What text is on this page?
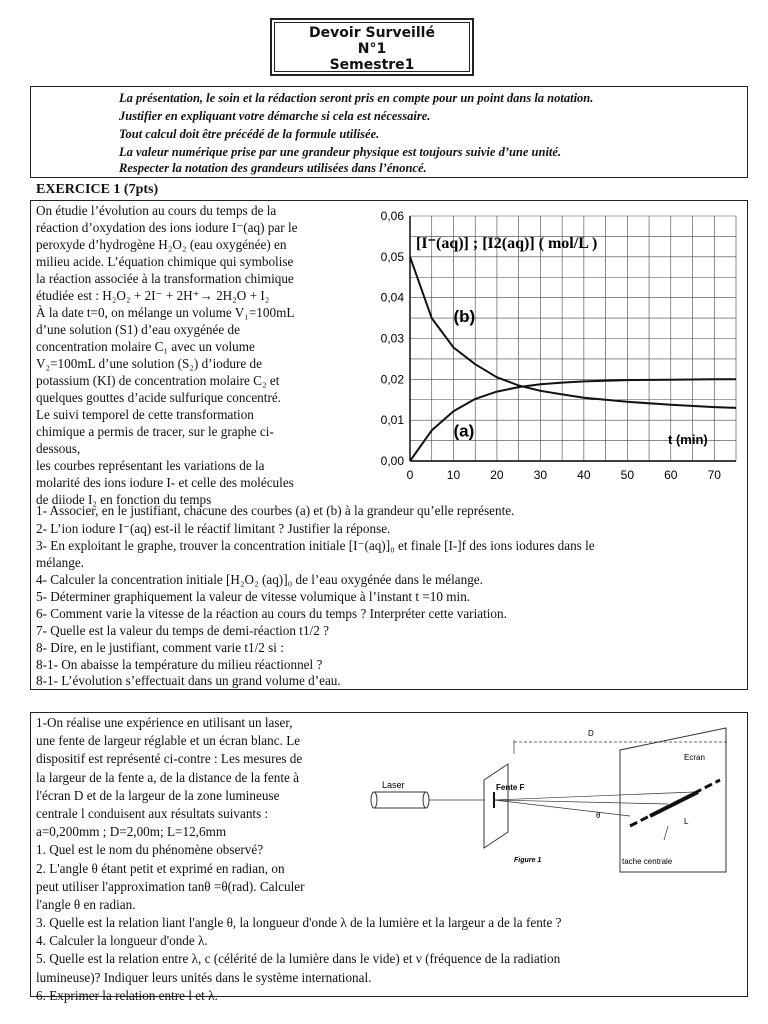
Devoir Surveillé
N°1
Semestre1
La présentation, le soin et la rédaction seront pris en compte pour un point dans la notation.
Justifier en expliquant votre démarche si cela est nécessaire.
Tout calcul doit être précédé de la formule utilisée.
La valeur numérique prise par une grandeur physique est toujours suivie d’une unité.
Respecter la notation des grandeurs utilisées dans l’énoncé.
EXERCICE 1 (7pts)
On étudie l’évolution au cours du temps de la
réaction d’oxydation des ions iodure I⁻(aq) par le
peroxyde d’hydrogène H₂O₂ (eau oxygénée) en
milieu acide. L’équation chimique qui symbolise
la réaction associée à la transformation chimique
étudiée est : H₂O₂ + 2I⁻ + 2H⁺→ 2H₂O + I₂
À la date t=0, on mélange un volume V₁=100mL
d’une solution (S1) d’eau oxygénée de
concentration molaire C₁ avec un volume
V₂=100mL d’une solution (S₂) d’iodure de
potassium (KI) de concentration molaire C₂ et
quelques gouttes d’acide sulfurique concentré.
Le suivi temporel de cette transformation
chimique a permis de tracer, sur le graphe ci-
dessous,
les courbes représentant les variations de la
molarité des ions iodure I- et celle des molécules
de diiode I₂ en fonction du temps
0	10	20	30	40	50	60	70
0,00
0,01
0,02
0,03
0,04
0,05
0,06
(a)
(b)
[I⁻(aq)] ; [I2(aq)] ( mol/L )
t (min)
1- Associer, en le justifiant, chacune des courbes (a) et (b) à la grandeur qu’elle représente.
2- L’ion iodure I⁻(aq) est-il le réactif limitant ? Justifier la réponse.
3- En exploitant le graphe, trouver la concentration initiale [I⁻(aq)]₀ et finale [I-]f des ions iodures dans le
mélange.
4- Calculer la concentration initiale [H₂O₂ (aq)]₀ de l’eau oxygénée dans le mélange.
5- Déterminer graphiquement la valeur de vitesse volumique à l’instant t =10 min.
6- Comment varie la vitesse de la réaction au cours du temps ? Interpréter cette variation.
7- Quelle est la valeur du temps de demi-réaction t1/2 ?
8- Dire, en le justifiant, comment varie t1/2 si :
8-1- On abaisse la température du milieu réactionnel ?
8-1- L’évolution s’effectuait dans un grand volume d’eau.
1-On réalise une expérience en utilisant un laser,
une fente de largeur réglable et un écran blanc. Le
dispositif est représenté ci-contre : Les mesures de
la largeur de la fente a, de la distance de la fente à
l'écran D et de la largeur de la zone lumineuse
centrale l conduisent aux résultats suivants :
a=0,200mm ; D=2,00m; L=12,6mm
1. Quel est le nom du phénomène observé?
2. L'angle θ étant petit et exprimé en radian, on
peut utiliser l'approximation tanθ =θ(rad). Calculer
l'angle θ en radian.
3. Quelle est la relation liant l'angle θ, la longueur d'onde λ de la lumière et la largeur a de la fente ?
4. Calculer la longueur d'onde λ.
5. Quelle est la relation entre λ, c (célérité de la lumière dans le vide) et ν (fréquence de la radiation
lumineuse)? Indiquer leurs unités dans le système international.
6. Exprimer la relation entre l et λ.
Laser	Fente F
Ecran
D
θ
L
tache centrale
Figure 1
